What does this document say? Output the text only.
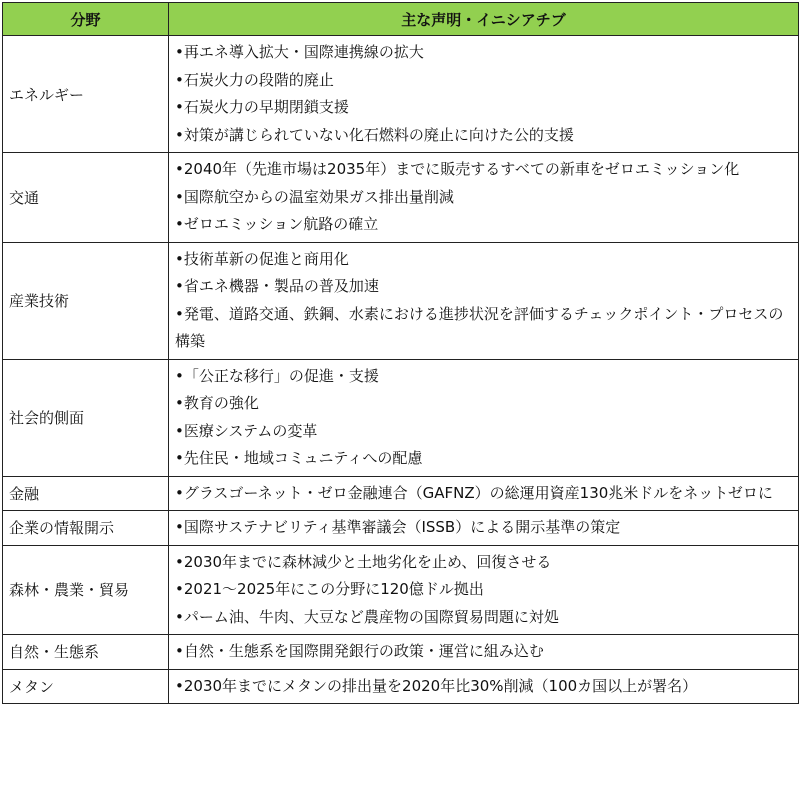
分野	主な声明・イニシアチブ
エネルギー	• 再エネ導入拡大・国際連携線の拡大
• 石炭火力の段階的廃止
• 石炭火力の早期閉鎖支援
• 対策が講じられていない化石燃料の廃止に向けた公的支援

交通	• 2040年（先進市場は2035年）までに販売するすべての新車をゼロエミッション化
• 国際航空からの温室効果ガス排出量削減
• ゼロエミッション航路の確立

産業技術	• 技術革新の促進と商用化
• 省エネ機器・製品の普及加速
• 発電、道路交通、鉄鋼、水素における進捗状況を評価するチェックポイント・プロセスの構築

社会的側面	• 「公正な移行」の促進・支援
• 教育の強化
• 医療システムの変革
• 先住民・地域コミュニティへの配慮

金融	• グラスゴーネット・ゼロ金融連合（GAFNZ）の総運用資産130兆米ドルをネットゼロに

企業の情報開示	• 国際サステナビリティ基準審議会（ISSB）による開示基準の策定

森林・農業・貿易	• 2030年までに森林減少と土地劣化を止め、回復させる
• 2021～2025年にこの分野に120億ドル拠出
• パーム油、牛肉、大豆など農産物の国際貿易問題に対処

自然・生態系	• 自然・生態系を国際開発銀行の政策・運営に組み込む

メタン	• 2030年までにメタンの排出量を2020年比30%削減（100カ国以上が署名）
